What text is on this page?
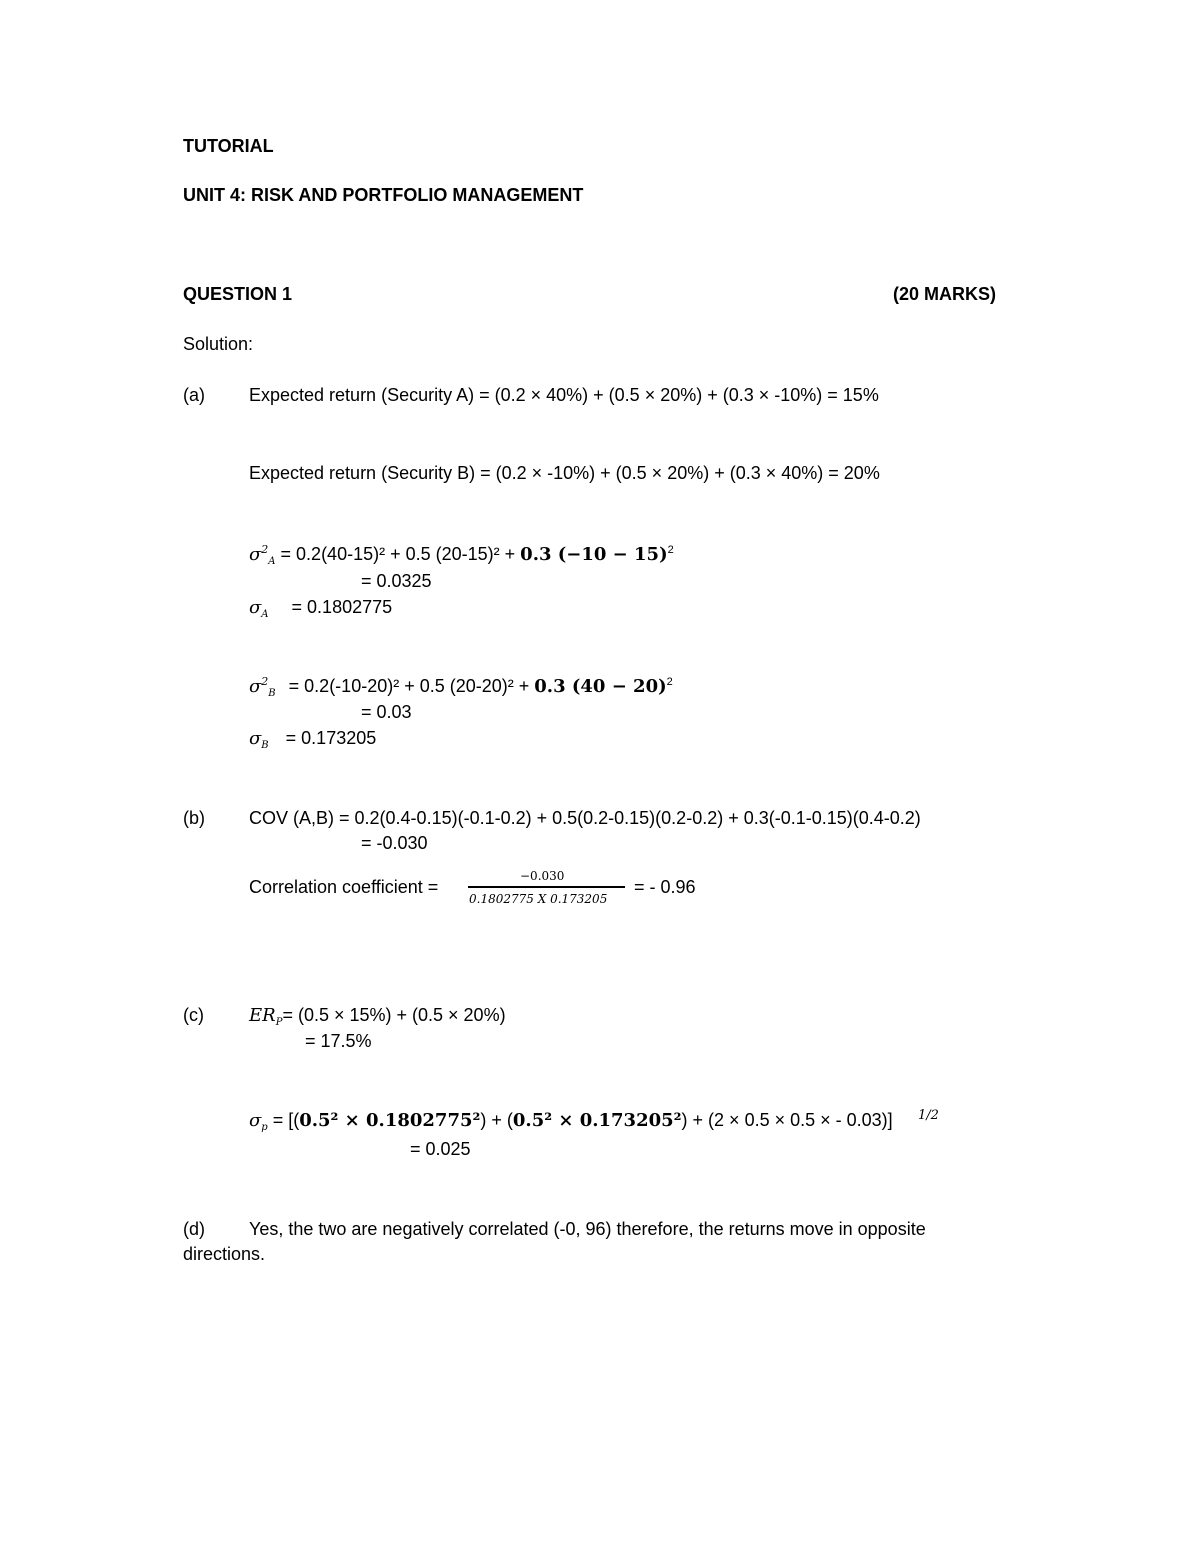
TUTORIAL
UNIT 4: RISK AND PORTFOLIO MANAGEMENT
QUESTION 1	(20 MARKS)
Solution:
(a) Expected return (Security A) = (0.2 × 40%) + (0.5 × 20%) + (0.3 × -10%) = 15%
Expected return (Security B) = (0.2 × -10%) + (0.5 × 20%) + (0.3 × 40%) = 20%
$\sigma^2_A = 0.2(40-15)^2 + 0.5$ (20-15)² + 0.3 $(-10 - 15)^2$
= 0.0325
$\sigma_A = 0.1802775$
$\sigma^2_B = 0.2(-10-20)^2 + 0.5$ (20-20)² + 0.3 $(40 - 20)^2$
= 0.03
$\sigma_B = 0.173205$
(b) COV (A,B) = 0.2(0.4-0.15)(-0.1-0.2) + 0.5(0.2-0.15)(0.2-0.2) + 0.3(-0.1-0.15)(0.4-0.2)
= -0.030
Correlation coefficient =
−0.030
0.1802775 X 0.173205
= - 0.96
(c)	$ER_P= (0.5 \times 15\%) + (0.5 \times 20\%)$
= 17.5%
$\sigma_p = [(0.5^2 \times 0.1802775^2) + (0.5^2 \times 0.173205^2) + (2 \times 0.5 \times 0.5$ × - 0.03)] 1/2
= 0.025
(d) Yes, the two are negatively correlated (-0, 96) therefore, the returns move in opposite
directions.
